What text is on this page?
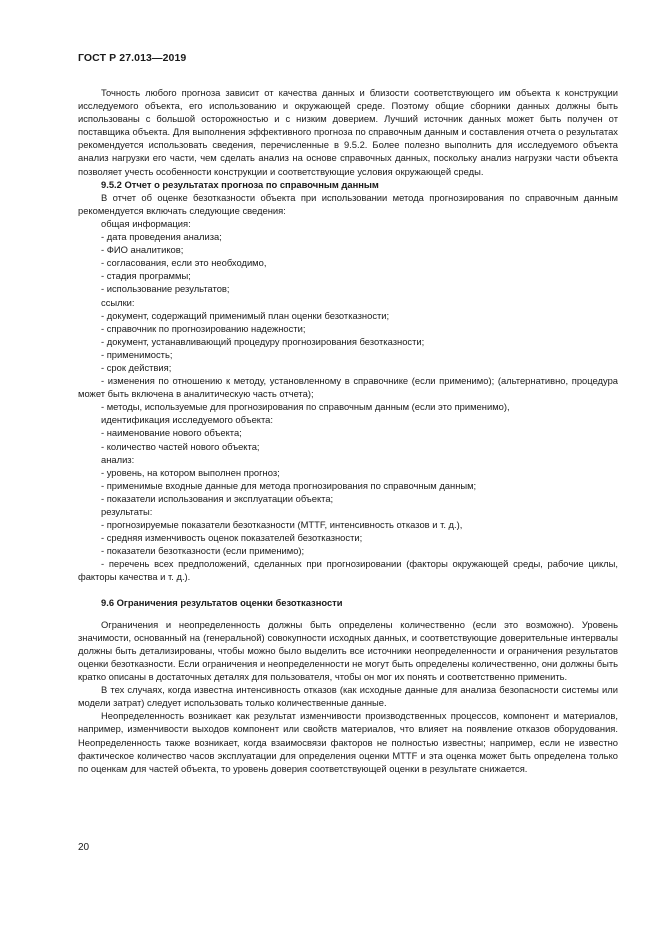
ГОСТ Р 27.013—2019

Точность любого прогноза зависит от качества данных и близости соответствующего им объекта к конструкции исследуемого объекта, его использованию и окружающей среде. Поэтому общие сборники данных должны быть использованы с большой осторожностью и с низким доверием. Лучший источник данных может быть получен от поставщика объекта. Для выполнения эффективного прогноза по справочным данным и составления отчета о результатах рекомендуется использовать сведения, перечисленные в 9.5.2. Более полезно выполнить для исследуемого объекта анализ нагрузки его части, чем сделать анализ на основе справочных данных, поскольку анализ нагрузки части объекта позволяет учесть особенности конструкции и соответствующие условия окружающей среды.

9.5.2 Отчет о результатах прогноза по справочным данным

В отчет об оценке безотказности объекта при использовании метода прогнозирования по справочным данным рекомендуется включать следующие сведения:

общая информация:

- дата проведения анализа;

- ФИО аналитиков;

- согласования, если это необходимо,

- стадия программы;

- использование результатов;

ссылки:

- документ, содержащий применимый план оценки безотказности;

- справочник по прогнозированию надежности;

- документ, устанавливающий процедуру прогнозирования безотказности;

- применимость;

- срок действия;

- изменения по отношению к методу, установленному в справочнике (если применимо); (альтернативно, процедура может быть включена в аналитическую часть отчета);

- методы, используемые для прогнозирования по справочным данным (если это применимо),

идентификация исследуемого объекта:

- наименование нового объекта;

- количество частей нового объекта;

анализ:

- уровень, на котором выполнен прогноз;

- применимые входные данные для метода прогнозирования по справочным данным;

- показатели использования и эксплуатации объекта;

результаты:

- прогнозируемые показатели безотказности (MTTF, интенсивность отказов и т. д.),

- средняя изменчивость оценок показателей безотказности;

- показатели безотказности (если применимо);

- перечень всех предположений, сделанных при прогнозировании (факторы окружающей среды, рабочие циклы, факторы качества и т. д.).

9.6 Ограничения результатов оценки безотказности

Ограничения и неопределенность должны быть определены количественно (если это возможно). Уровень значимости, основанный на (генеральной) совокупности исходных данных, и соответствующие доверительные интервалы должны быть детализированы, чтобы можно было выделить все источники неопределенности и ограничения результатов оценки безотказности. Если ограничения и неопределенности не могут быть определены количественно, они должны быть кратко описаны в достаточных деталях для пользователя, чтобы он мог их понять и соответственно применить.

В тех случаях, когда известна интенсивность отказов (как исходные данные для анализа безопасности системы или модели затрат) следует использовать только количественные данные.

Неопределенность возникает как результат изменчивости производственных процессов, компонент и материалов, например, изменчивости выходов компонент или свойств материалов, что влияет на появление отказов оборудования. Неопределенность также возникает, когда взаимосвязи факторов не полностью известны; например, если не известно фактическое количество часов эксплуатации для определения оценки MTTF и эта оценка может быть определена только по оценкам для частей объекта, то уровень доверия соответствующей оценки в результате снижается.

20
